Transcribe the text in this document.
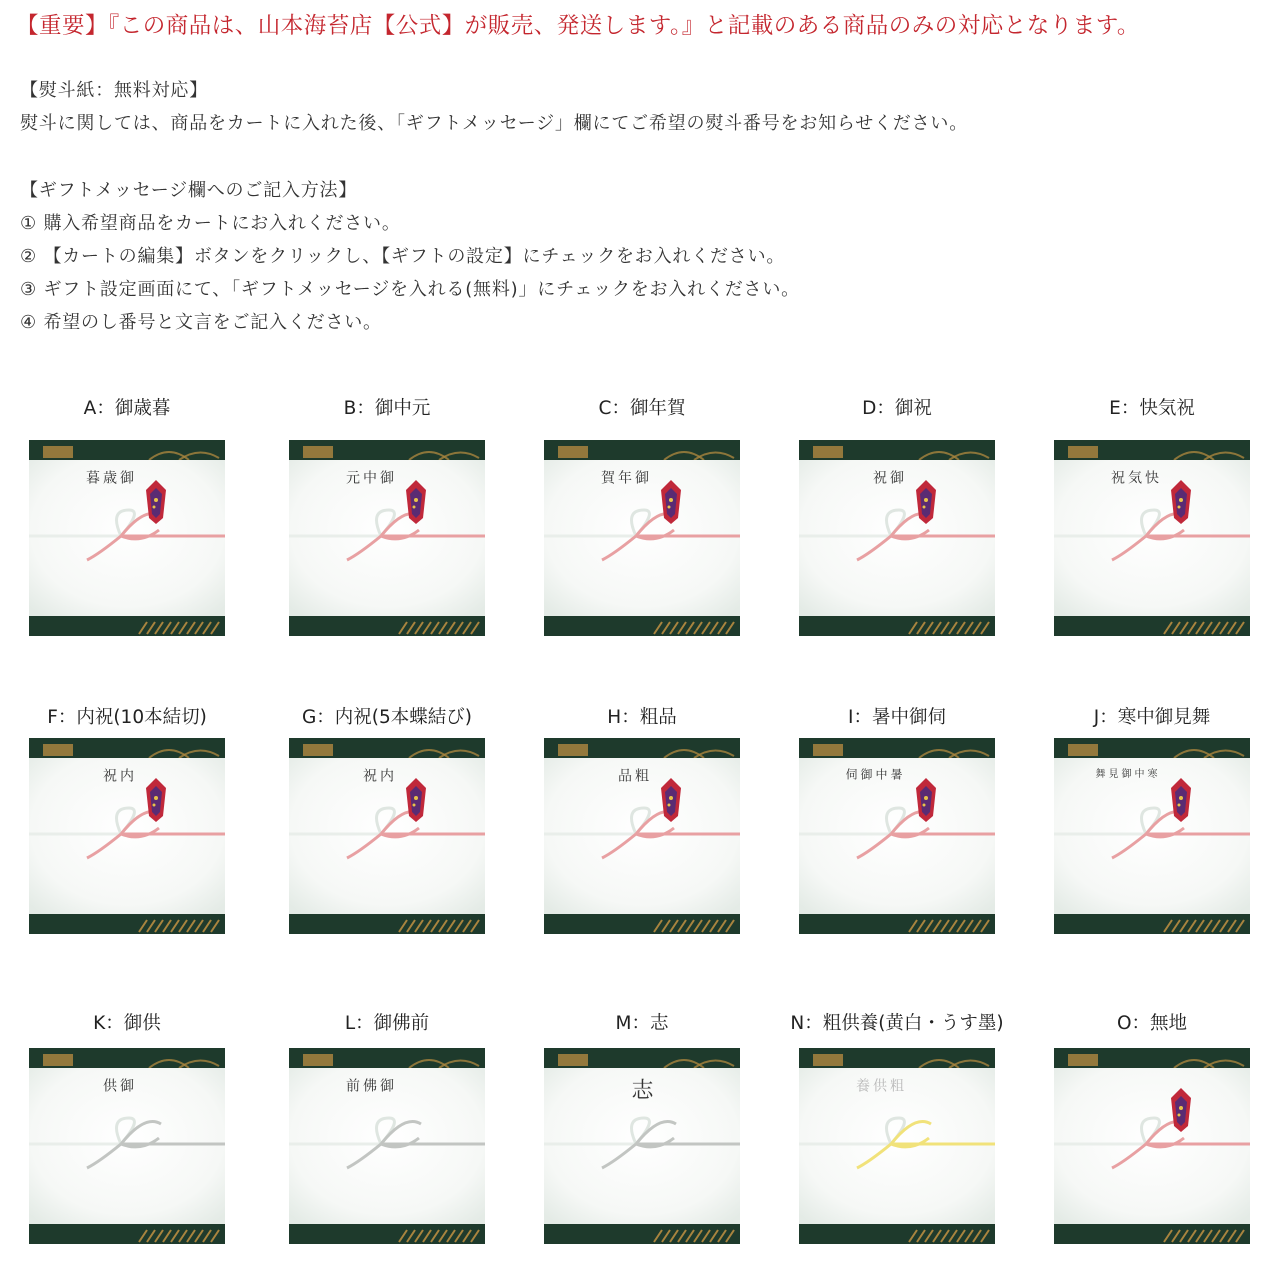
【重要】『この商品は、山本海苔店【公式】が販売、発送します。』と記載のある商品のみの対応となります。
【熨斗紙：無料対応】
熨斗に関しては、商品をカートに入れた後、「ギフトメッセージ」欄にてご希望の熨斗番号をお知らせください。
【ギフトメッセージ欄へのご記入方法】
① 購入希望商品をカートにお入れください。
② 【カートの編集】ボタンをクリックし、【ギフトの設定】にチェックをお入れください。
③ ギフト設定画面にて、「ギフトメッセージを入れる(無料)」にチェックをお入れください。
④ 希望のし番号と文言をご記入ください。
A：御歳暮
御歳暮
B：御中元
御中元
C：御年賀
御年賀
D：御祝
御祝
E：快気祝
快気祝
F：内祝(10本結切)
内祝
G：内祝(5本蝶結び)
内祝
H：粗品
粗品
I：暑中御伺
暑中御伺
J：寒中御見舞
寒中御見舞
K：御供
御供
L：御佛前
御佛前
M：志
志
N：粗供養(黄白・うす墨)
粗供養
O：無地
